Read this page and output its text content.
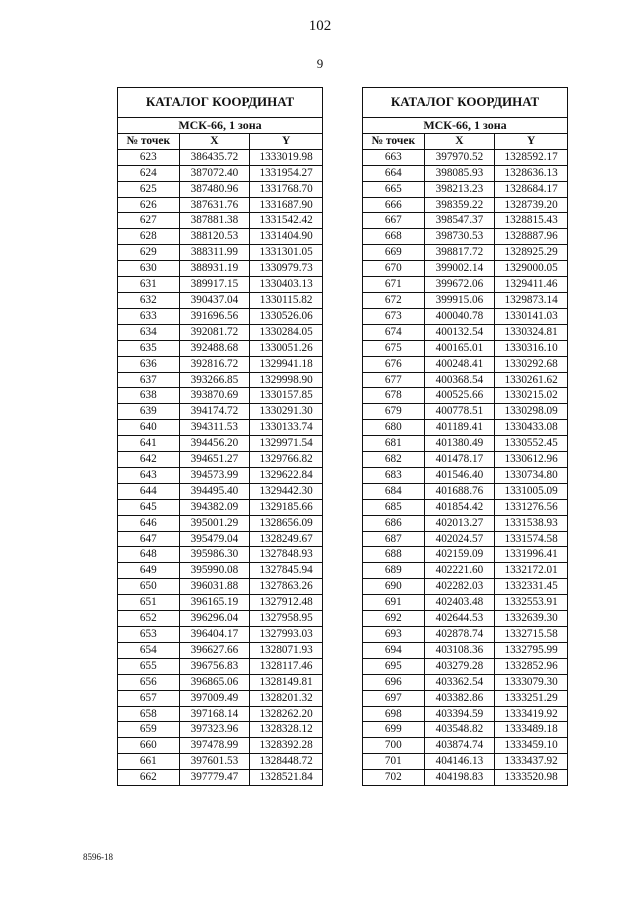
102
9
КАТАЛОГ КООРДИНАТ		
МСК-66, 1 зона		
№ точек	X	Y
623	386435.72	1333019.98
624	387072.40	1331954.27
625	387480.96	1331768.70
626	387631.76	1331687.90
627	387881.38	1331542.42
628	388120.53	1331404.90
629	388311.99	1331301.05
630	388931.19	1330979.73
631	389917.15	1330403.13
632	390437.04	1330115.82
633	391696.56	1330526.06
634	392081.72	1330284.05
635	392488.68	1330051.26
636	392816.72	1329941.18
637	393266.85	1329998.90
638	393870.69	1330157.85
639	394174.72	1330291.30
640	394311.53	1330133.74
641	394456.20	1329971.54
642	394651.27	1329766.82
643	394573.99	1329622.84
644	394495.40	1329442.30
645	394382.09	1329185.66
646	395001.29	1328656.09
647	395479.04	1328249.67
648	395986.30	1327848.93
649	395990.08	1327845.94
650	396031.88	1327863.26
651	396165.19	1327912.48
652	396296.04	1327958.95
653	396404.17	1327993.03
654	396627.66	1328071.93
655	396756.83	1328117.46
656	396865.06	1328149.81
657	397009.49	1328201.32
658	397168.14	1328262.20
659	397323.96	1328328.12
660	397478.99	1328392.28
661	397601.53	1328448.72
662	397779.47	1328521.84
КАТАЛОГ КООРДИНАТ		
МСК-66, 1 зона		
№ точек	X	Y
663	397970.52	1328592.17
664	398085.93	1328636.13
665	398213.23	1328684.17
666	398359.22	1328739.20
667	398547.37	1328815.43
668	398730.53	1328887.96
669	398817.72	1328925.29
670	399002.14	1329000.05
671	399672.06	1329411.46
672	399915.06	1329873.14
673	400040.78	1330141.03
674	400132.54	1330324.81
675	400165.01	1330316.10
676	400248.41	1330292.68
677	400368.54	1330261.62
678	400525.66	1330215.02
679	400778.51	1330298.09
680	401189.41	1330433.08
681	401380.49	1330552.45
682	401478.17	1330612.96
683	401546.40	1330734.80
684	401688.76	1331005.09
685	401854.42	1331276.56
686	402013.27	1331538.93
687	402024.57	1331574.58
688	402159.09	1331996.41
689	402221.60	1332172.01
690	402282.03	1332331.45
691	402403.48	1332553.91
692	402644.53	1332639.30
693	402878.74	1332715.58
694	403108.36	1332795.99
695	403279.28	1332852.96
696	403362.54	1333079.30
697	403382.86	1333251.29
698	403394.59	1333419.92
699	403548.82	1333489.18
700	403874.74	1333459.10
701	404146.13	1333437.92
702	404198.83	1333520.98
8596-18
